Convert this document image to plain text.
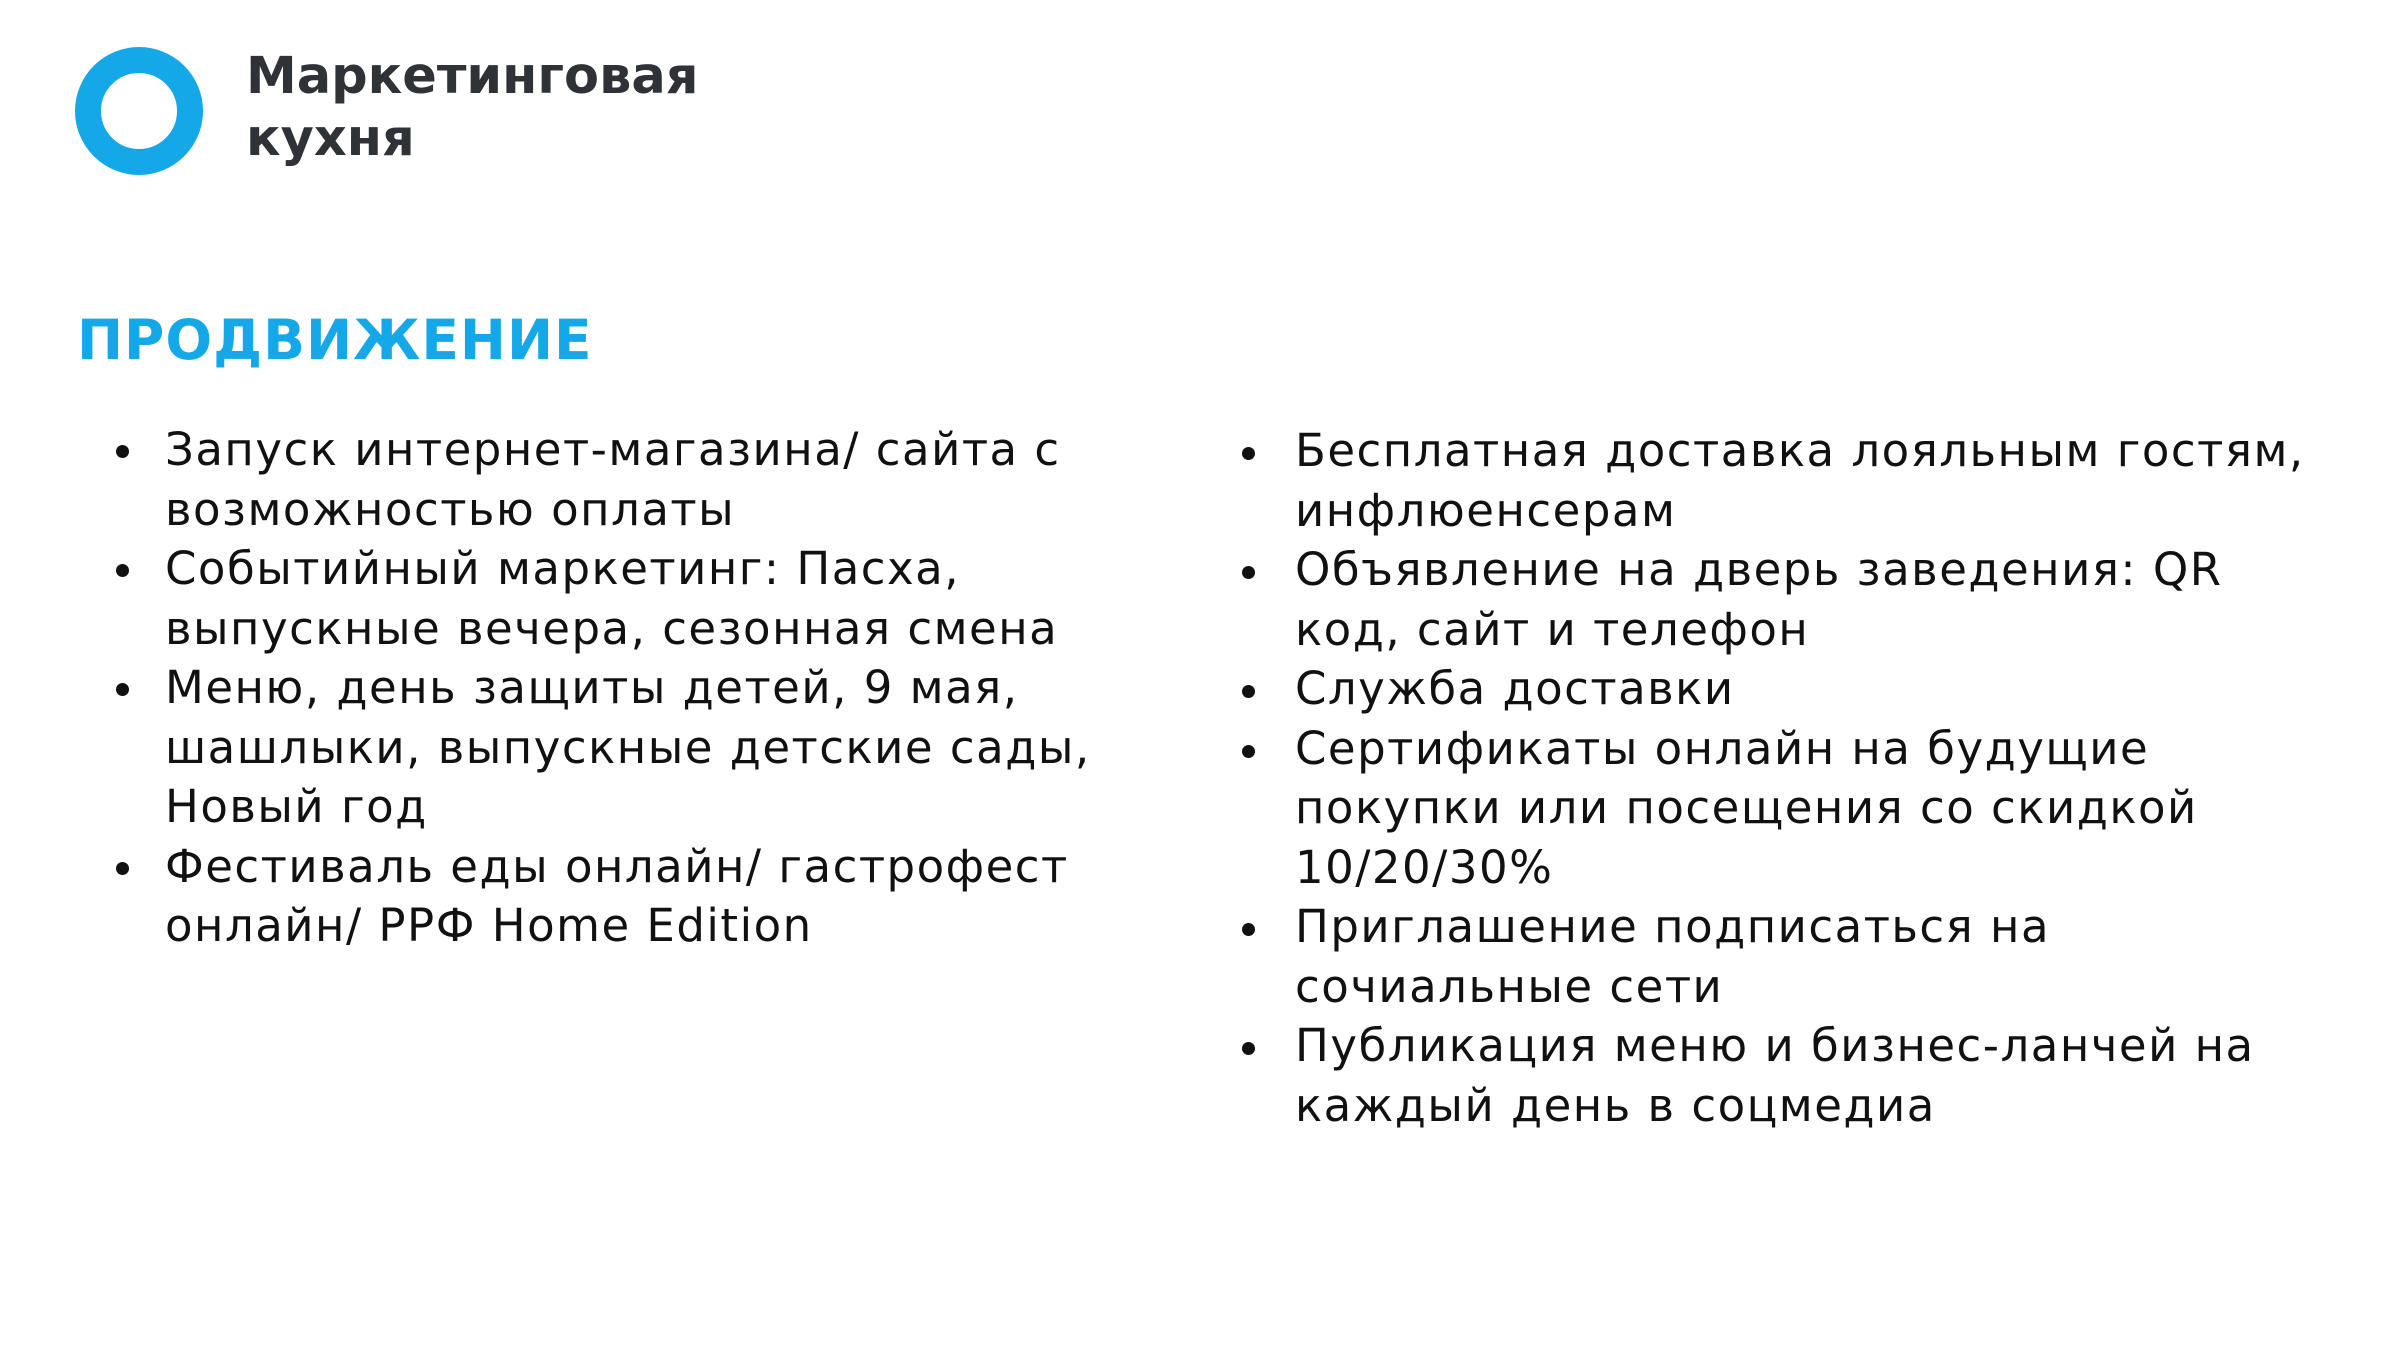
Маркетинговая
кухня
ПРОДВИЖЕНИЕ
Запуск интернет-магазина/ сайта с возможностью оплаты
Событийный маркетинг: Пасха, выпускные вечера, сезонная смена
Меню, день защиты детей, 9 мая, шашлыки, выпускные детские сады, Новый год
Фестиваль еды онлайн/ гастрофест онлайн/ РРФ Home Edition
Бесплатная доставка лояльным гостям, инфлюенсерам
Объявление на дверь заведения: QR код, сайт и телефон
Служба доставки
Сертификаты онлайн на будущие покупки или посещения со скидкой 10/20/30%
Приглашение подписаться на сочиальные сети
Публикация меню и бизнес-ланчей на каждый день в соцмедиа
